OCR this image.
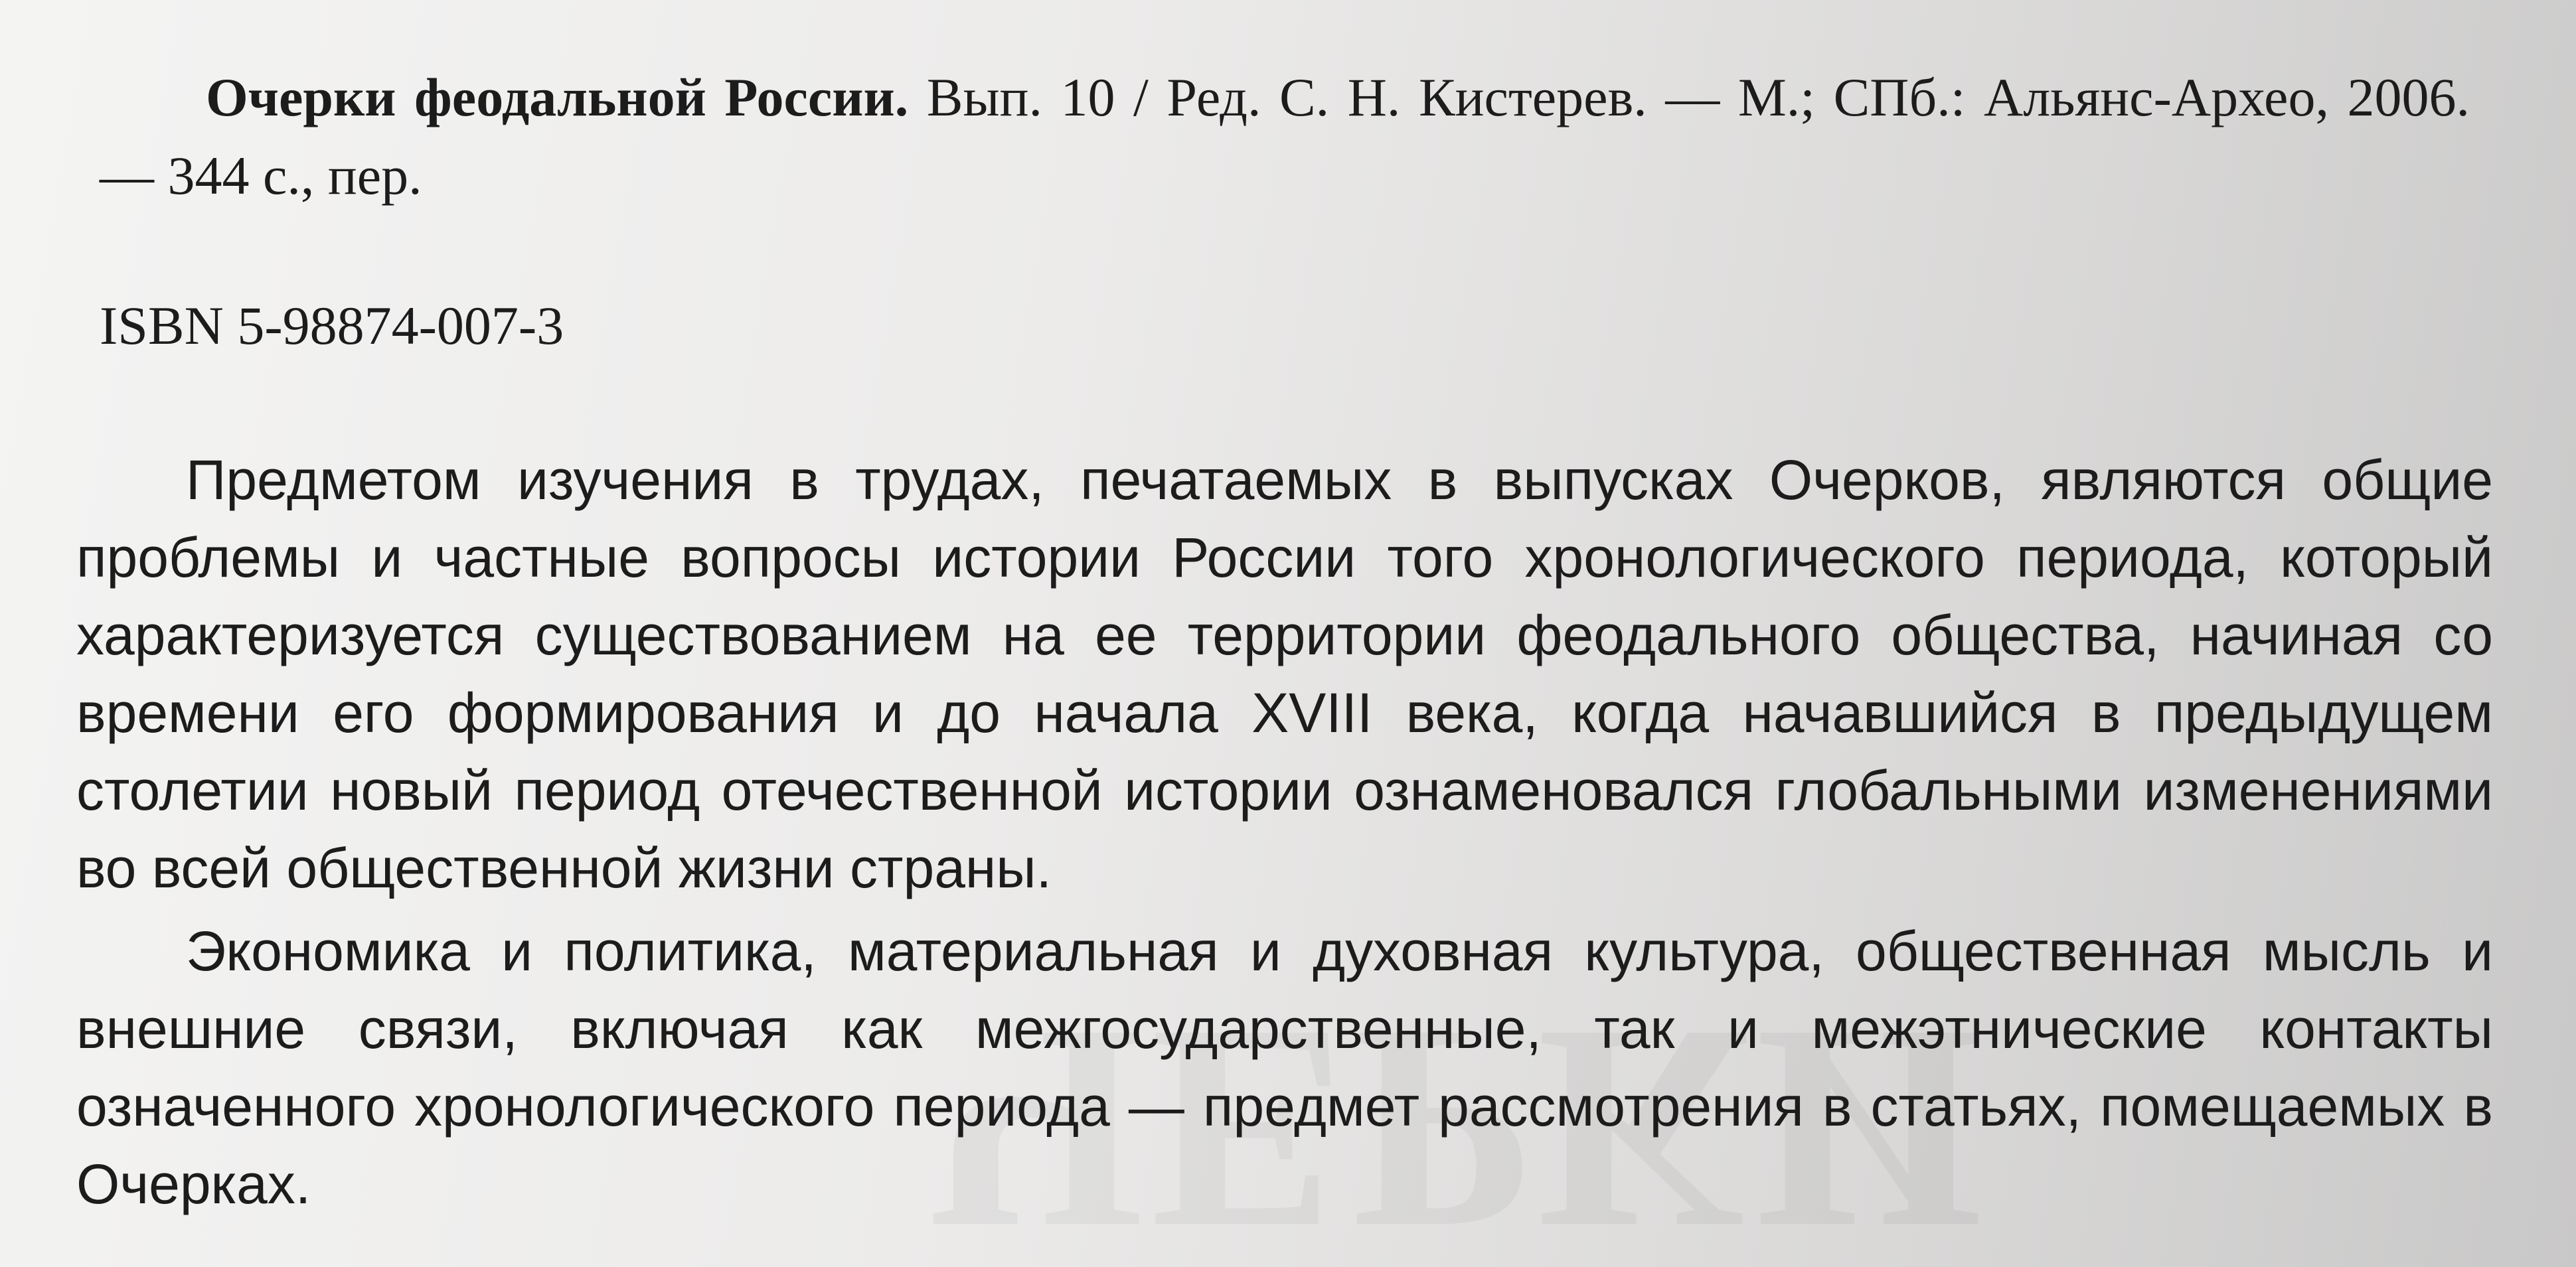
Очерки феодальной России. Вып. 10 / Ред. С. Н. Кистерев. — М.; СПб.: Альянс-Архео, 2006. — 344 с., пер.

ISBN 5-98874-007-3

Предметом изучения в трудах, печатаемых в выпусках Очерков, являются общие проблемы и частные вопросы истории России того хронологического периода, который характеризуется существованием на ее территории феодального общества, начиная со времени его формирования и до начала XVIII века, когда начавшийся в предыдущем столетии новый период отечественной истории ознаменовался глобальными изменениями во всей общественной жизни страны.

Экономика и политика, материальная и духовная культура, общественная мысль и внешние связи, включая как межгосударственные, так и межэтнические контакты означенного хронологического периода — предмет рассмотрения в статьях, помещаемых в Очерках.
